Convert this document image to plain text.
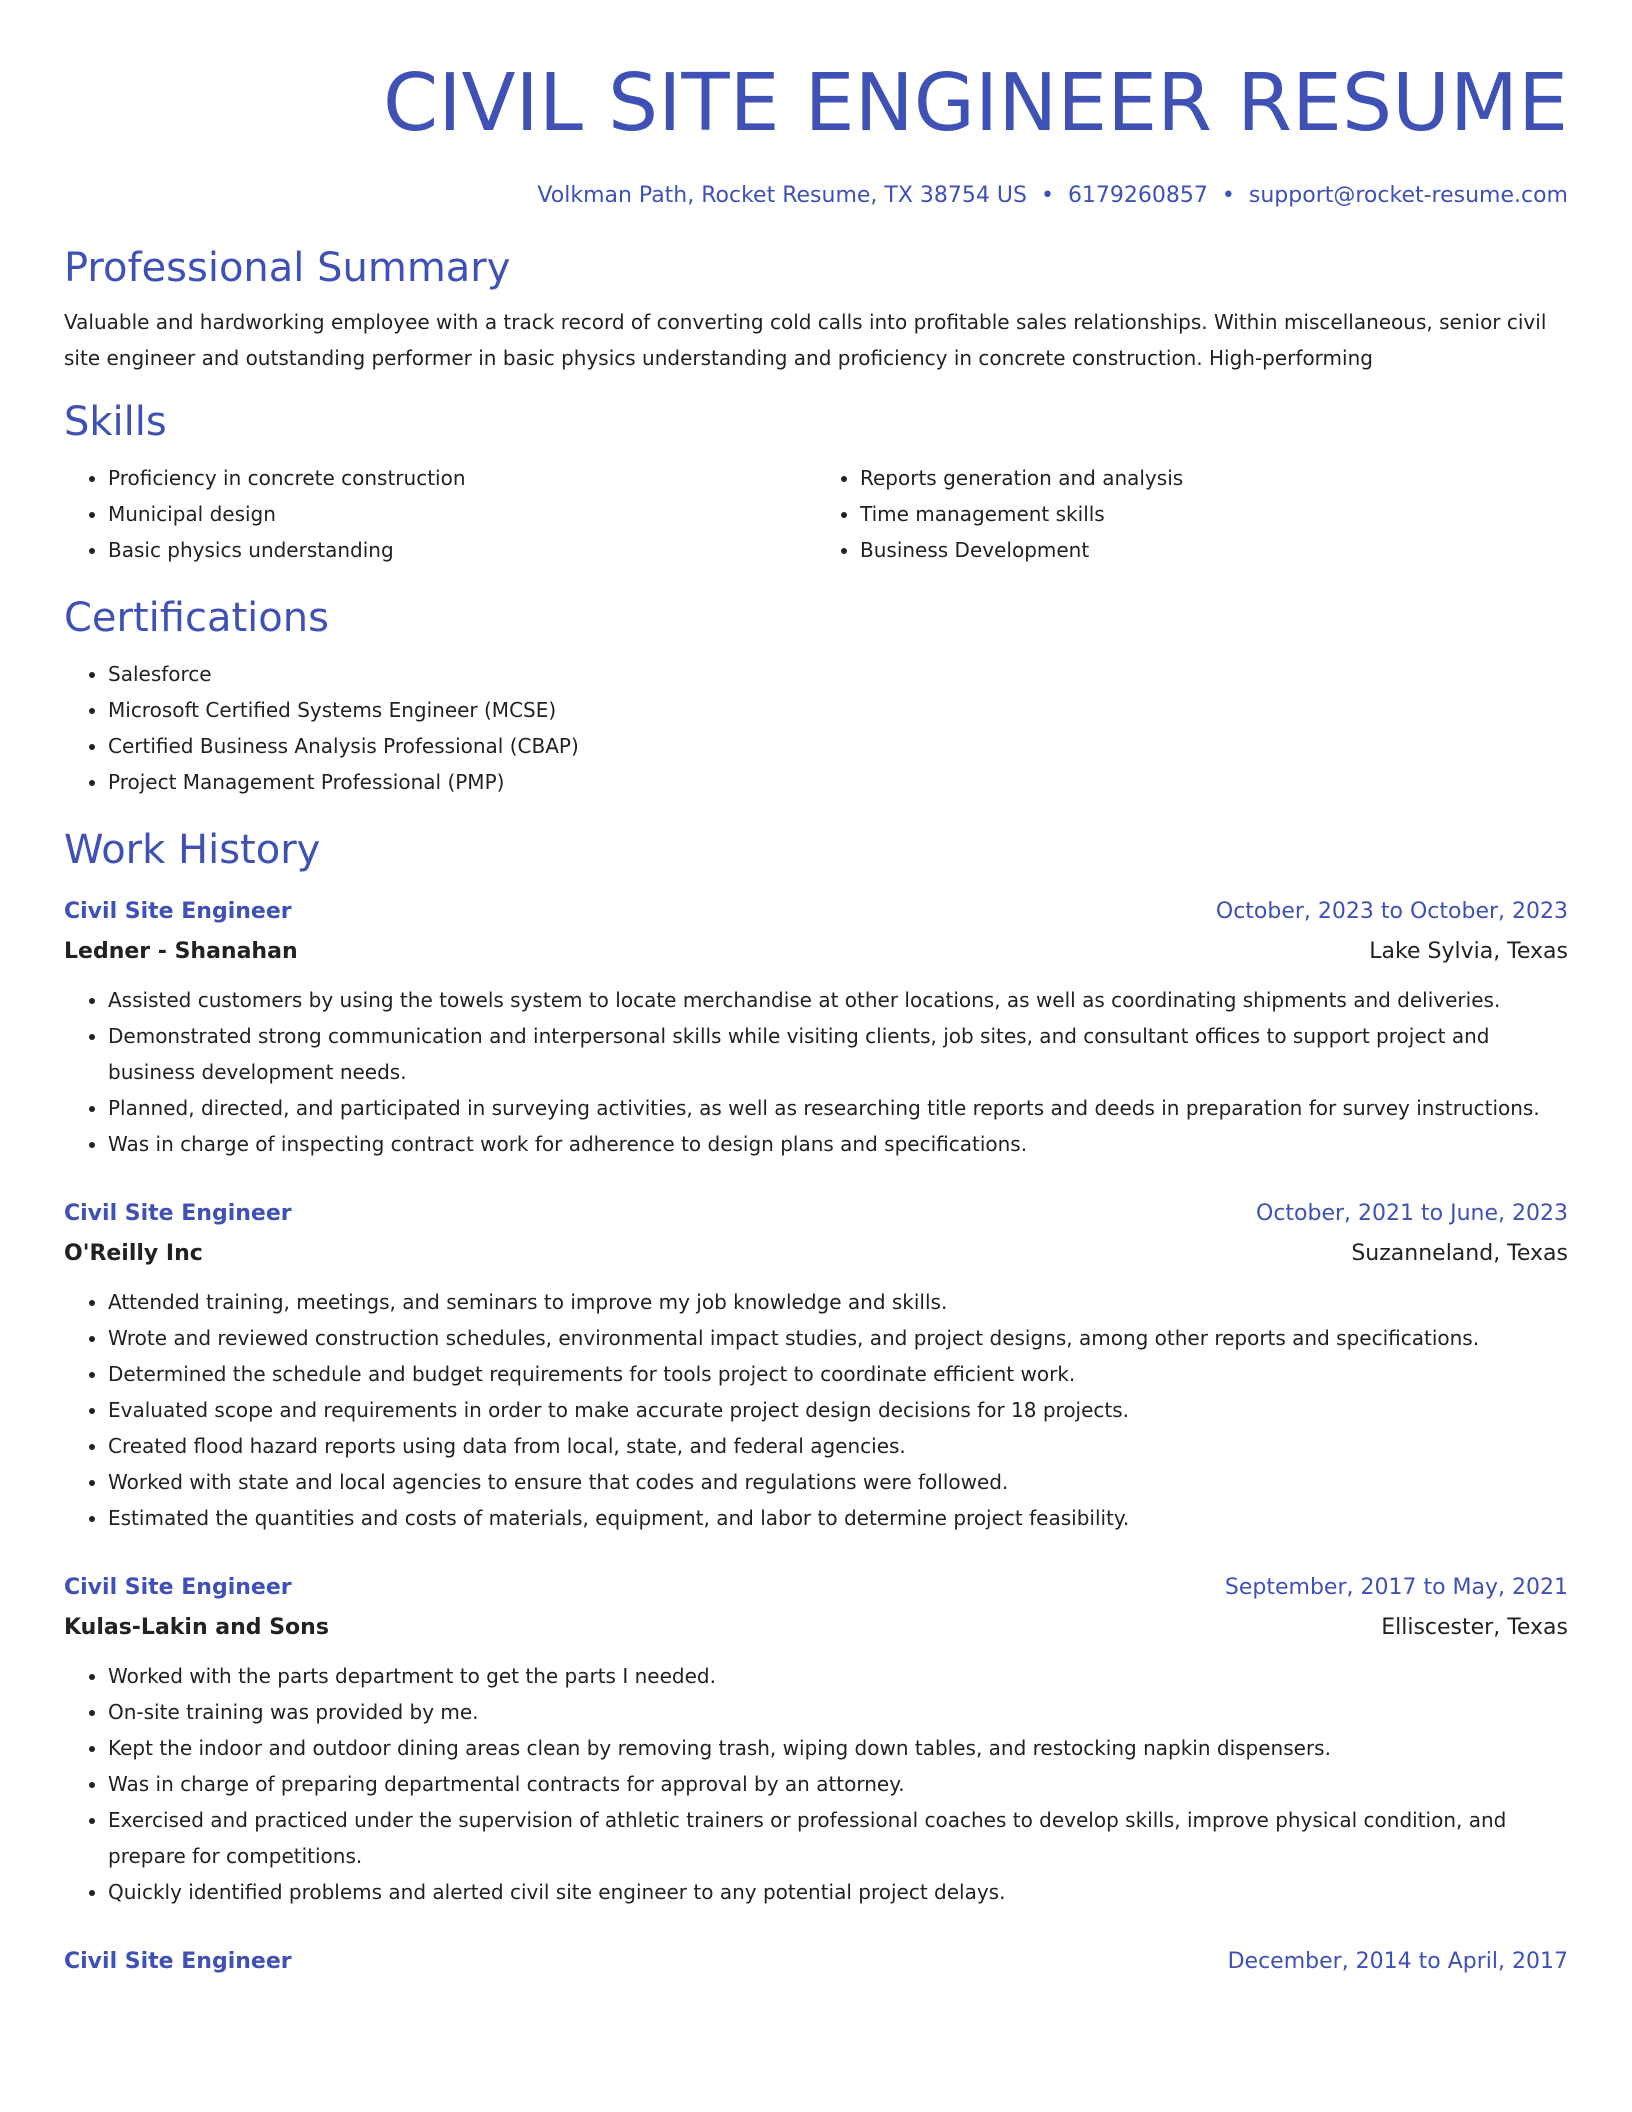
CIVIL SITE ENGINEER RESUME
Volkman Path, Rocket Resume, TX 38754 US • 6179260857 • support@rocket-resume.com
Professional Summary
Valuable and hardworking employee with a track record of converting cold calls into profitable sales relationships. Within miscellaneous, senior civil site engineer and outstanding performer in basic physics understanding and proficiency in concrete construction. High-performing
Skills
• Proficiency in concrete construction
• Municipal design
• Basic physics understanding
• Reports generation and analysis
• Time management skills
• Business Development
Certifications
• Salesforce
• Microsoft Certified Systems Engineer (MCSE)
• Certified Business Analysis Professional (CBAP)
• Project Management Professional (PMP)
Work History
Civil Site Engineer	October, 2023 to October, 2023
Ledner - Shanahan	Lake Sylvia, Texas
• Assisted customers by using the towels system to locate merchandise at other locations, as well as coordinating shipments and deliveries.
• Demonstrated strong communication and interpersonal skills while visiting clients, job sites, and consultant offices to support project and business development needs.
• Planned, directed, and participated in surveying activities, as well as researching title reports and deeds in preparation for survey instructions.
• Was in charge of inspecting contract work for adherence to design plans and specifications.
Civil Site Engineer	October, 2021 to June, 2023
O'Reilly Inc	Suzanneland, Texas
• Attended training, meetings, and seminars to improve my job knowledge and skills.
• Wrote and reviewed construction schedules, environmental impact studies, and project designs, among other reports and specifications.
• Determined the schedule and budget requirements for tools project to coordinate efficient work.
• Evaluated scope and requirements in order to make accurate project design decisions for 18 projects.
• Created flood hazard reports using data from local, state, and federal agencies.
• Worked with state and local agencies to ensure that codes and regulations were followed.
• Estimated the quantities and costs of materials, equipment, and labor to determine project feasibility.
Civil Site Engineer	September, 2017 to May, 2021
Kulas-Lakin and Sons	Elliscester, Texas
• Worked with the parts department to get the parts I needed.
• On-site training was provided by me.
• Kept the indoor and outdoor dining areas clean by removing trash, wiping down tables, and restocking napkin dispensers.
• Was in charge of preparing departmental contracts for approval by an attorney.
• Exercised and practiced under the supervision of athletic trainers or professional coaches to develop skills, improve physical condition, and prepare for competitions.
• Quickly identified problems and alerted civil site engineer to any potential project delays.
Civil Site Engineer	December, 2014 to April, 2017
